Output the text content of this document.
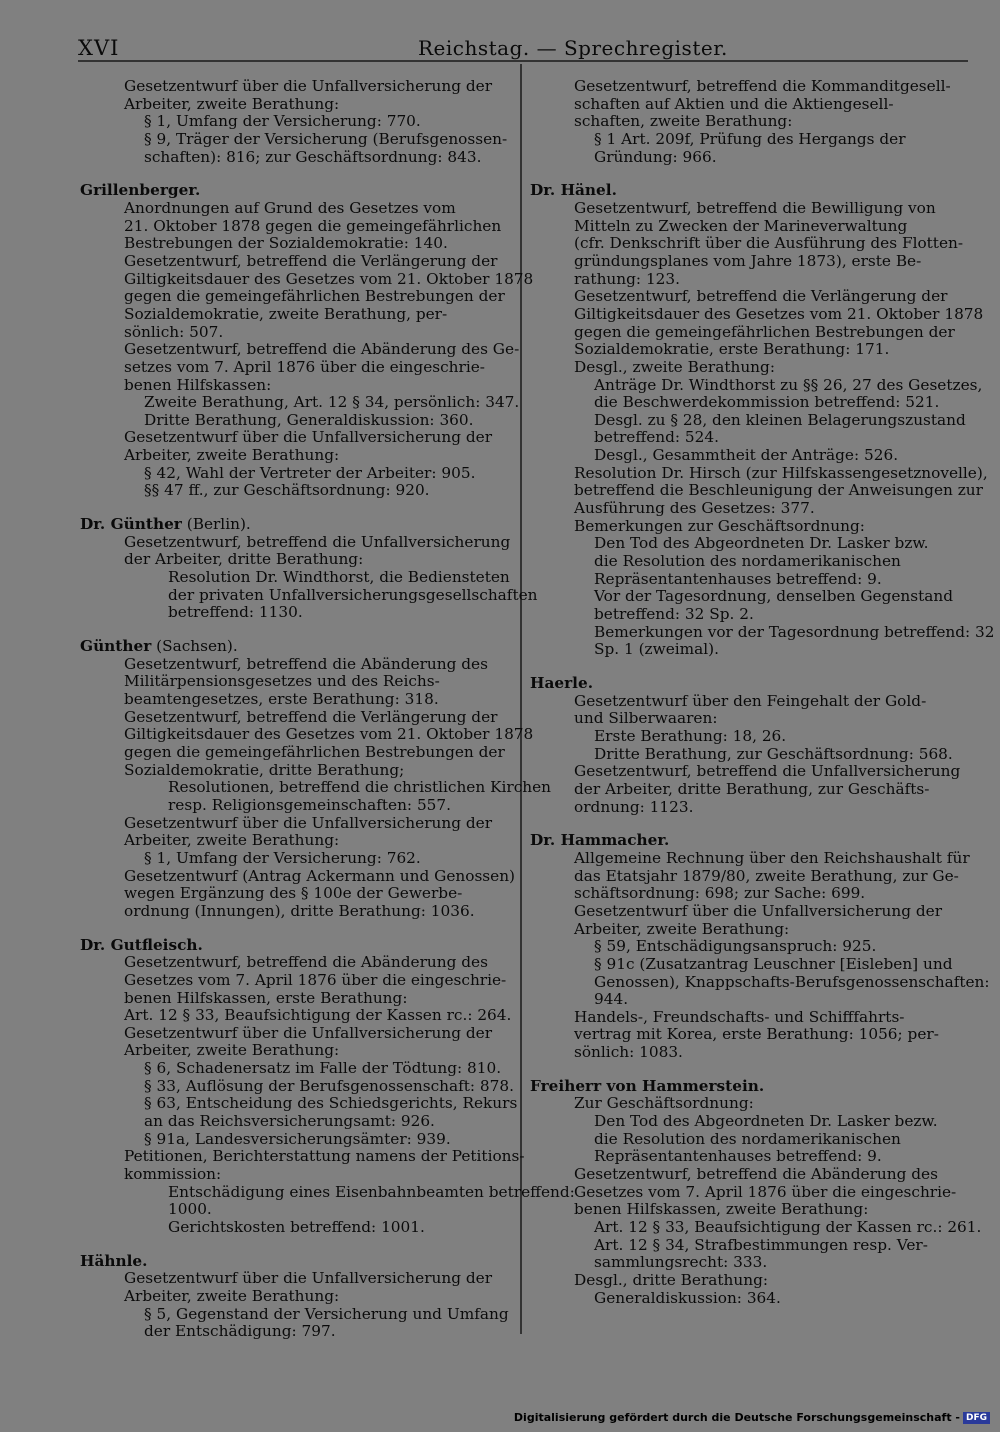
XVI	Reichstag. — Sprechregister.
Gesetzentwurf über die Unfallversicherung der
Arbeiter, zweite Berathung:
§ 1, Umfang der Versicherung: 770.
§ 9, Träger der Versicherung (Berufsgenossen-
schaften): 816; zur Geschäftsordnung: 843.
Grillenberger.
Anordnungen auf Grund des Gesetzes vom
21. Oktober 1878 gegen die gemeingefährlichen
Bestrebungen der Sozialdemokratie: 140.
Gesetzentwurf, betreffend die Verlängerung der
Giltigkeitsdauer des Gesetzes vom 21. Oktober 1878
gegen die gemeingefährlichen Bestrebungen der
Sozialdemokratie, zweite Berathung, per-
sönlich: 507.
Gesetzentwurf, betreffend die Abänderung des Ge-
setzes vom 7. April 1876 über die eingeschrie-
benen Hilfskassen:
Zweite Berathung, Art. 12 § 34, persönlich: 347.
Dritte Berathung, Generaldiskussion: 360.
Gesetzentwurf über die Unfallversicherung der
Arbeiter, zweite Berathung:
§ 42, Wahl der Vertreter der Arbeiter: 905.
§§ 47 ff., zur Geschäftsordnung: 920.
Dr. Günther (Berlin).
Gesetzentwurf, betreffend die Unfallversicherung
der Arbeiter, dritte Berathung:
Resolution Dr. Windthorst, die Bediensteten
der privaten Unfallversicherungsgesellschaften
betreffend: 1130.
Günther (Sachsen).
Gesetzentwurf, betreffend die Abänderung des
Militärpensionsgesetzes und des Reichs-
beamtengesetzes, erste Berathung: 318.
Gesetzentwurf, betreffend die Verlängerung der
Giltigkeitsdauer des Gesetzes vom 21. Oktober 1878
gegen die gemeingefährlichen Bestrebungen der
Sozialdemokratie, dritte Berathung;
Resolutionen, betreffend die christlichen Kirchen
resp. Religionsgemeinschaften: 557.
Gesetzentwurf über die Unfallversicherung der
Arbeiter, zweite Berathung:
§ 1, Umfang der Versicherung: 762.
Gesetzentwurf (Antrag Ackermann und Genossen)
wegen Ergänzung des § 100e der Gewerbe-
ordnung (Innungen), dritte Berathung: 1036.
Dr. Gutfleisch.
Gesetzentwurf, betreffend die Abänderung des
Gesetzes vom 7. April 1876 über die eingeschrie-
benen Hilfskassen, erste Berathung:
Art. 12 § 33, Beaufsichtigung der Kassen rc.: 264.
Gesetzentwurf über die Unfallversicherung der
Arbeiter, zweite Berathung:
§ 6, Schadenersatz im Falle der Tödtung: 810.
§ 33, Auflösung der Berufsgenossenschaft: 878.
§ 63, Entscheidung des Schiedsgerichts, Rekurs
an das Reichsversicherungsamt: 926.
§ 91a, Landesversicherungsämter: 939.
Petitionen, Berichterstattung namens der Petitions-
kommission:
Entschädigung eines Eisenbahnbeamten betreffend:
1000.
Gerichtskosten betreffend: 1001.
Hähnle.
Gesetzentwurf über die Unfallversicherung der
Arbeiter, zweite Berathung:
§ 5, Gegenstand der Versicherung und Umfang
der Entschädigung: 797.
Gesetzentwurf, betreffend die Kommanditgesell-
schaften auf Aktien und die Aktiengesell-
schaften, zweite Berathung:
§ 1 Art. 209f, Prüfung des Hergangs der
Gründung: 966.
Dr. Hänel.
Gesetzentwurf, betreffend die Bewilligung von
Mitteln zu Zwecken der Marineverwaltung
(cfr. Denkschrift über die Ausführung des Flotten-
gründungsplanes vom Jahre 1873), erste Be-
rathung: 123.
Gesetzentwurf, betreffend die Verlängerung der
Giltigkeitsdauer des Gesetzes vom 21. Oktober 1878
gegen die gemeingefährlichen Bestrebungen der
Sozialdemokratie, erste Berathung: 171.
Desgl., zweite Berathung:
Anträge Dr. Windthorst zu §§ 26, 27 des Gesetzes,
die Beschwerdekommission betreffend: 521.
Desgl. zu § 28, den kleinen Belagerungszustand
betreffend: 524.
Desgl., Gesammtheit der Anträge: 526.
Resolution Dr. Hirsch (zur Hilfskassengesetznovelle),
betreffend die Beschleunigung der Anweisungen zur
Ausführung des Gesetzes: 377.
Bemerkungen zur Geschäftsordnung:
Den Tod des Abgeordneten Dr. Lasker bzw.
die Resolution des nordamerikanischen
Repräsentantenhauses betreffend: 9.
Vor der Tagesordnung, denselben Gegenstand
betreffend: 32 Sp. 2.
Bemerkungen vor der Tagesordnung betreffend: 32
Sp. 1 (zweimal).
Haerle.
Gesetzentwurf über den Feingehalt der Gold-
und Silberwaaren:
Erste Berathung: 18, 26.
Dritte Berathung, zur Geschäftsordnung: 568.
Gesetzentwurf, betreffend die Unfallversicherung
der Arbeiter, dritte Berathung, zur Geschäfts-
ordnung: 1123.
Dr. Hammacher.
Allgemeine Rechnung über den Reichshaushalt für
das Etatsjahr 1879/80, zweite Berathung, zur Ge-
schäftsordnung: 698; zur Sache: 699.
Gesetzentwurf über die Unfallversicherung der
Arbeiter, zweite Berathung:
§ 59, Entschädigungsanspruch: 925.
§ 91c (Zusatzantrag Leuschner [Eisleben] und
Genossen), Knappschafts-Berufsgenossenschaften:
944.
Handels-, Freundschafts- und Schifffahrts-
vertrag mit Korea, erste Berathung: 1056; per-
sönlich: 1083.
Freiherr von Hammerstein.
Zur Geschäftsordnung:
Den Tod des Abgeordneten Dr. Lasker bezw.
die Resolution des nordamerikanischen
Repräsentantenhauses betreffend: 9.
Gesetzentwurf, betreffend die Abänderung des
Gesetzes vom 7. April 1876 über die eingeschrie-
benen Hilfskassen, zweite Berathung:
Art. 12 § 33, Beaufsichtigung der Kassen rc.: 261.
Art. 12 § 34, Strafbestimmungen resp. Ver-
sammlungsrecht: 333.
Desgl., dritte Berathung:
Generaldiskussion: 364.
Digitalisierung gefördert durch die Deutsche Forschungsgemeinschaft - DFG
